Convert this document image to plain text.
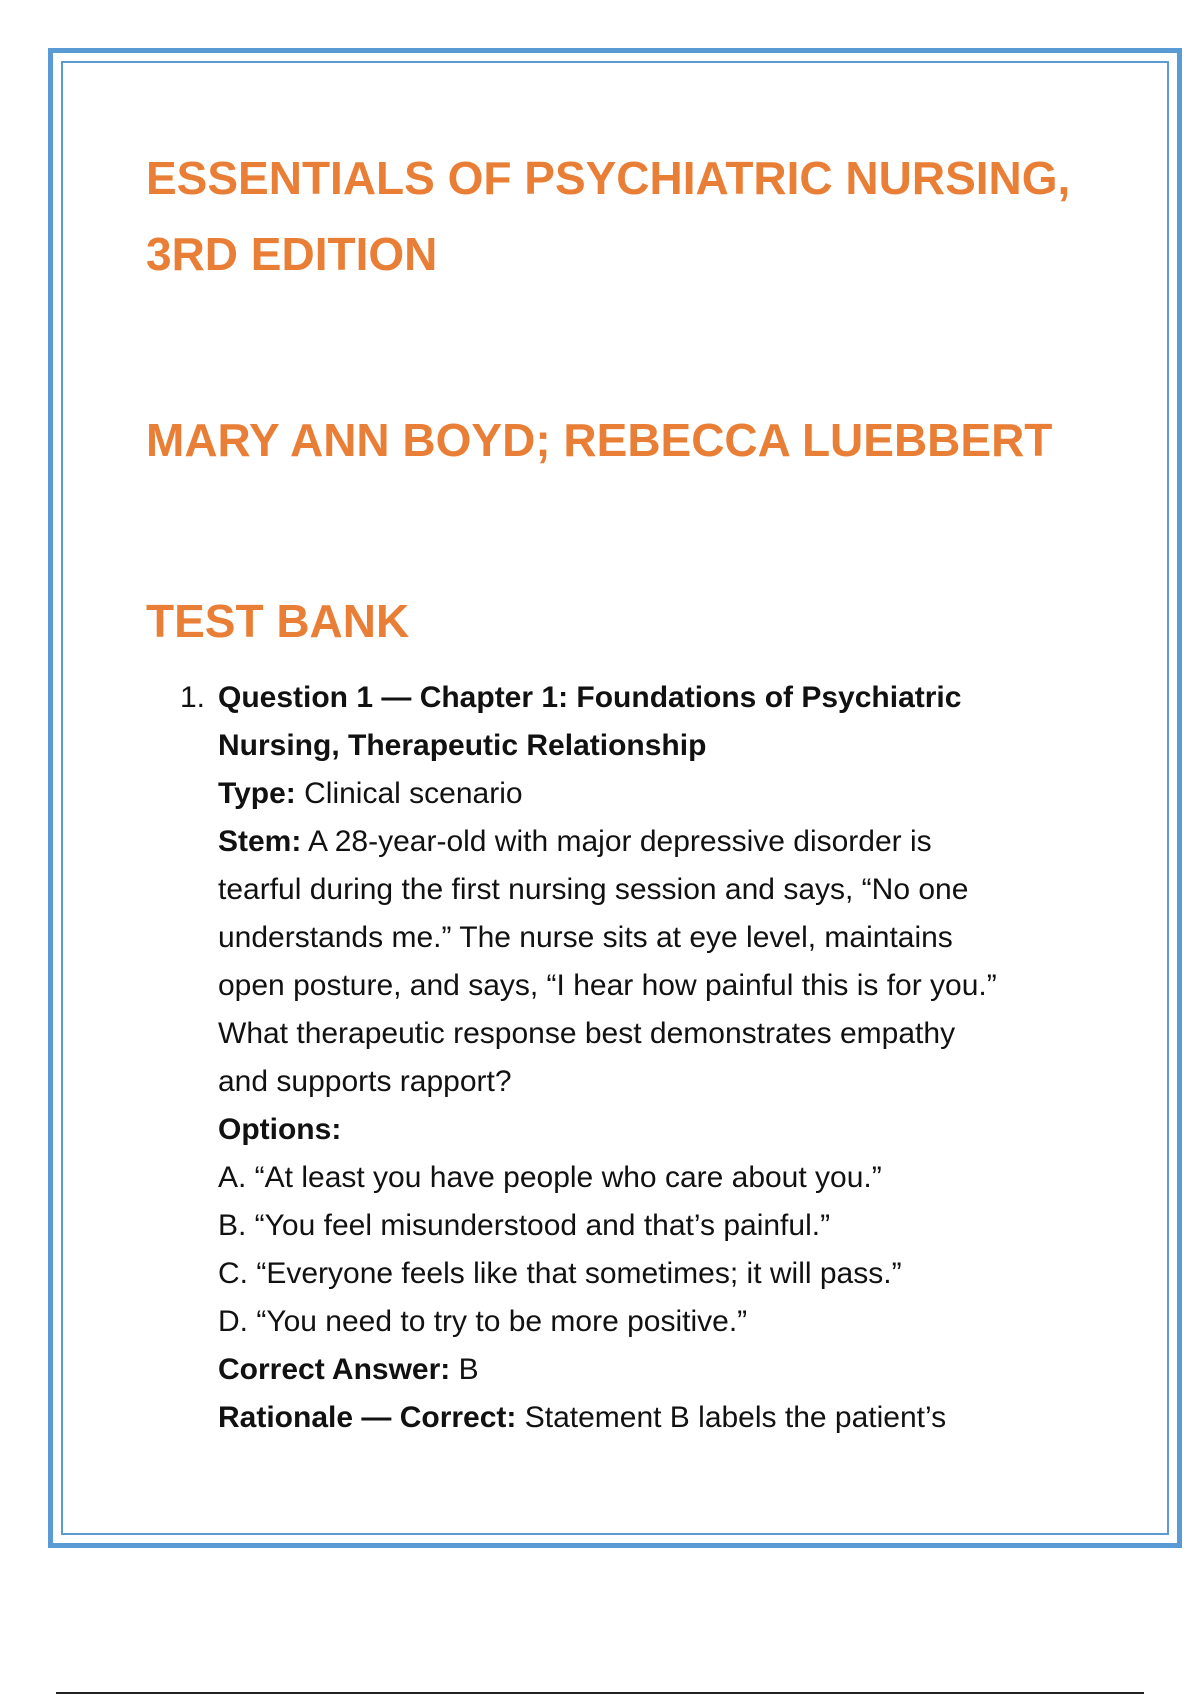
ESSENTIALS OF PSYCHIATRIC NURSING,
3RD EDITION
MARY ANN BOYD; REBECCA LUEBBERT
TEST BANK
1. Question 1 — Chapter 1: Foundations of Psychiatric
Nursing, Therapeutic Relationship
Type: Clinical scenario
Stem: A 28-year-old with major depressive disorder is
tearful during the first nursing session and says, “No one
understands me.” The nurse sits at eye level, maintains
open posture, and says, “I hear how painful this is for you.”
What therapeutic response best demonstrates empathy
and supports rapport?
Options:
A. “At least you have people who care about you.”
B. “You feel misunderstood and that’s painful.”
C. “Everyone feels like that sometimes; it will pass.”
D. “You need to try to be more positive.”
Correct Answer: B
Rationale — Correct: Statement B labels the patient’s
